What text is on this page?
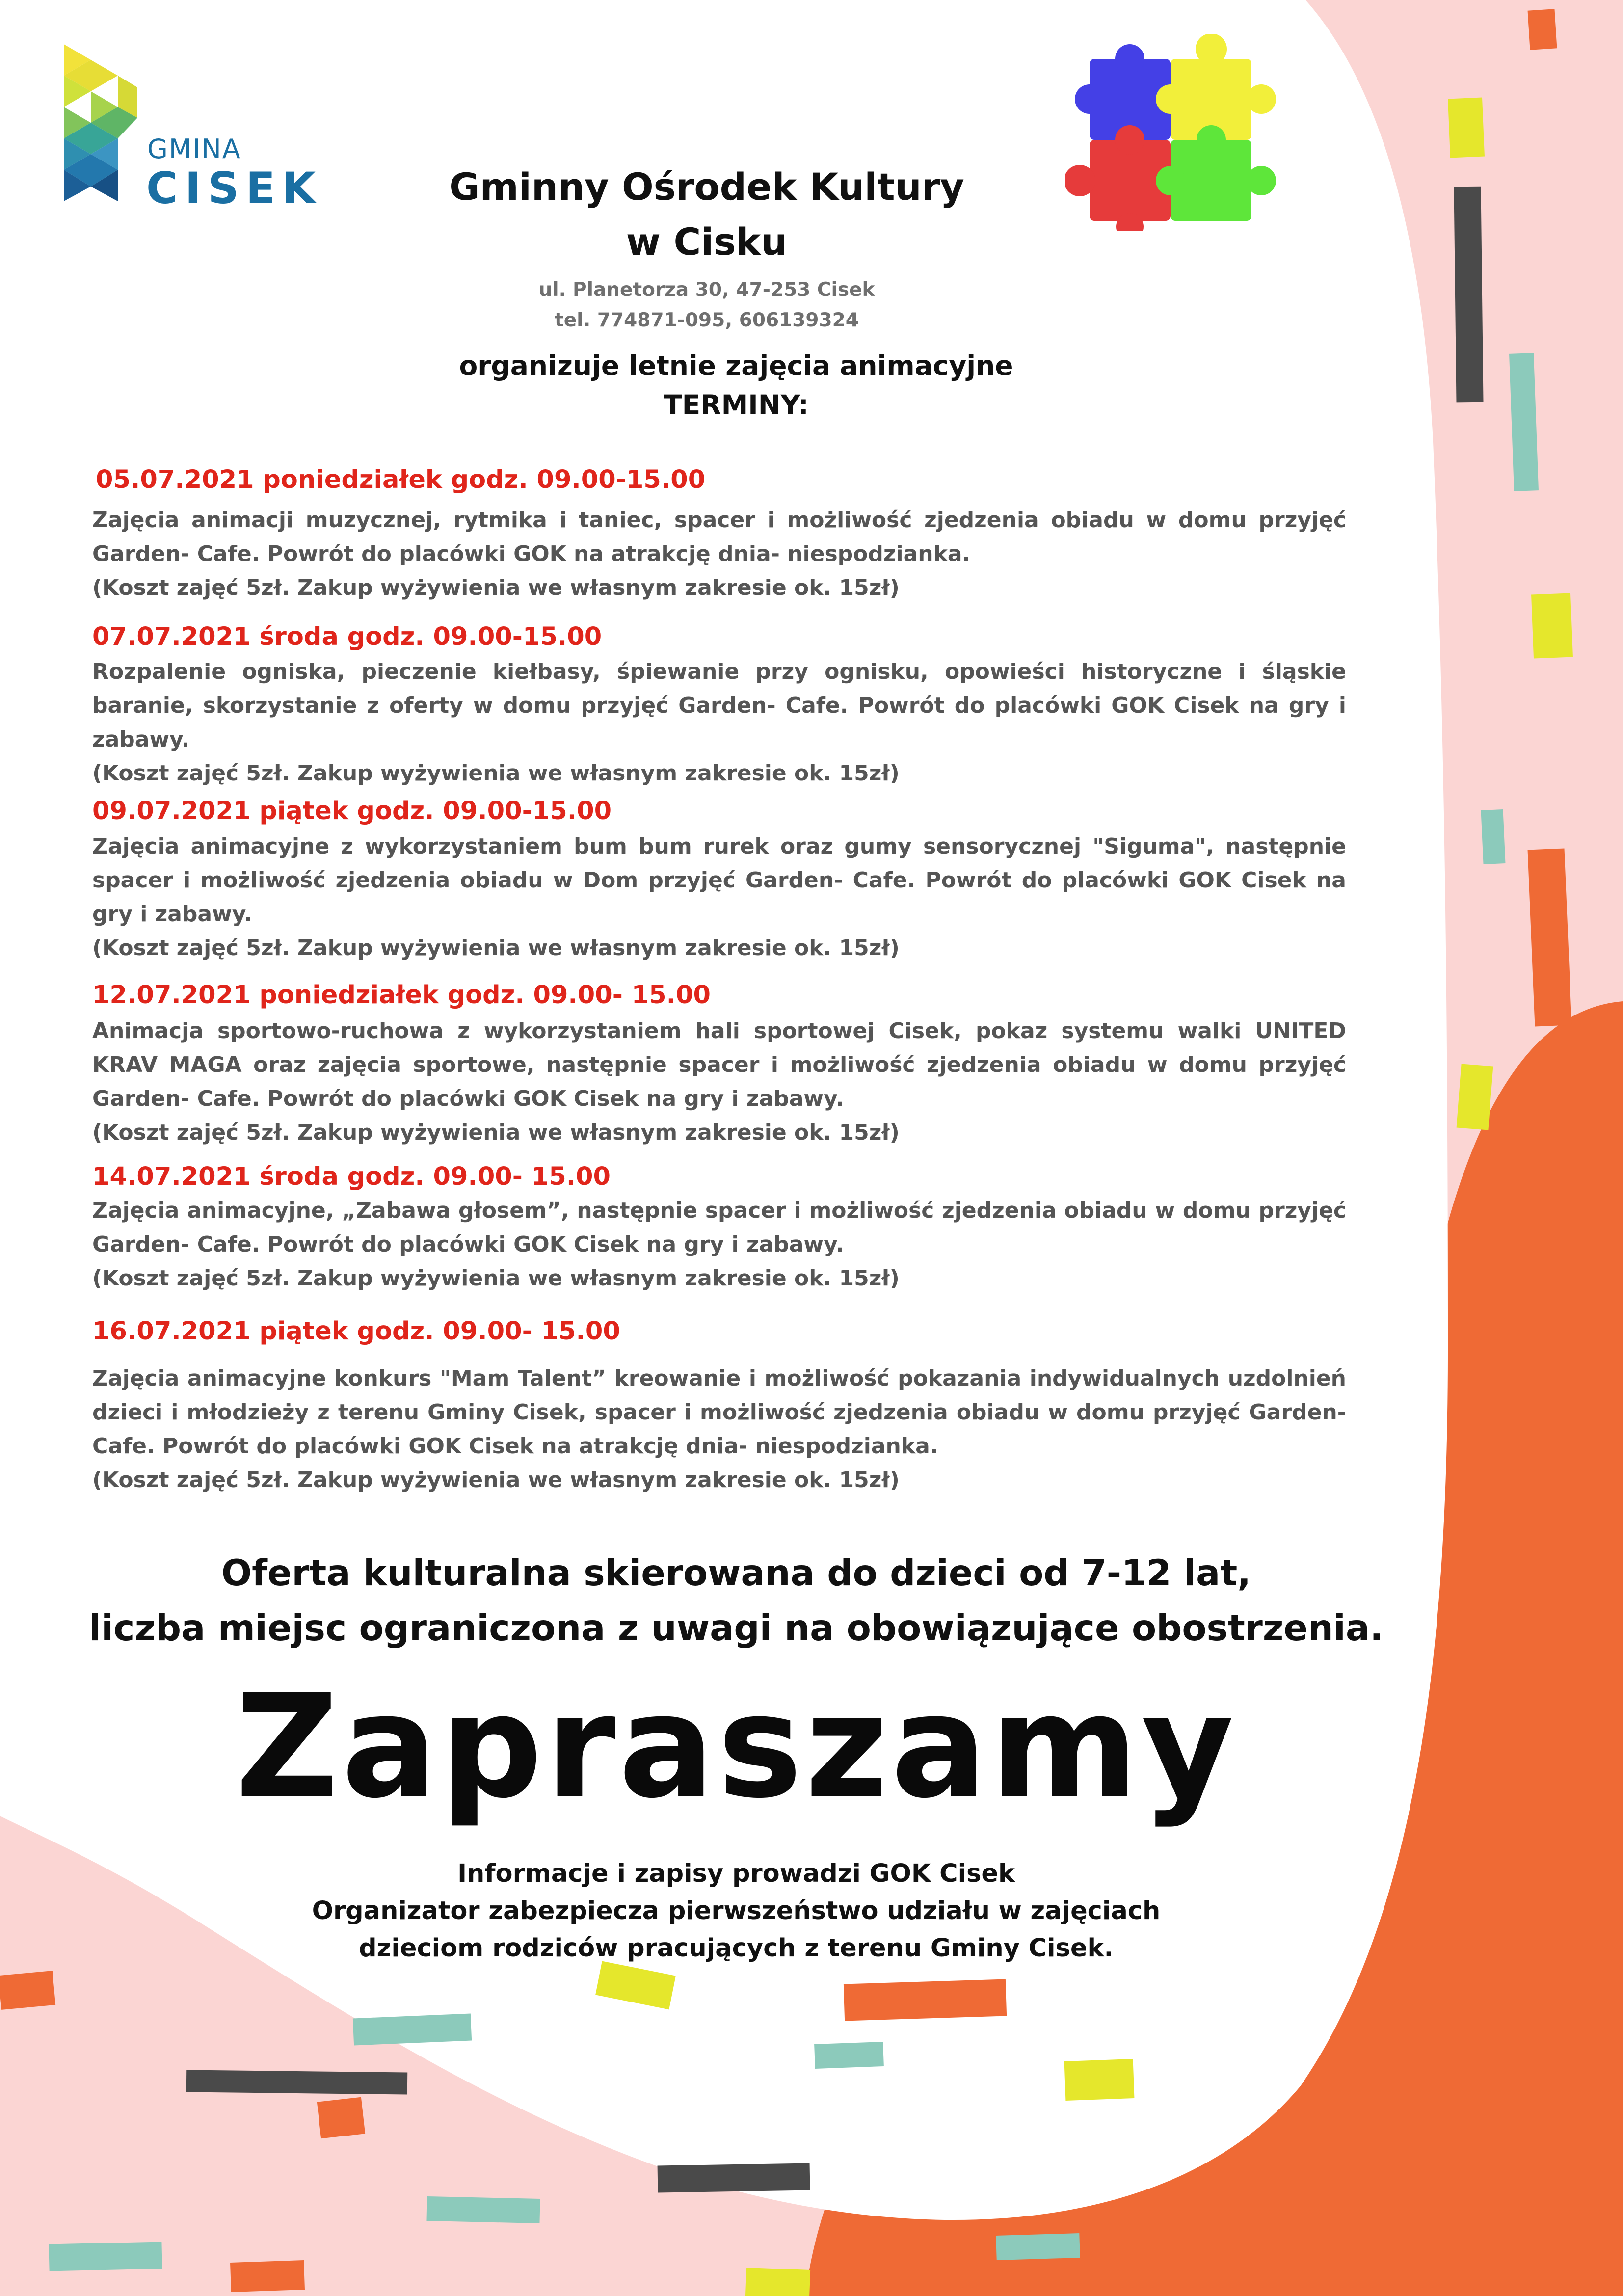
GMINA
CISEK	Gminny Ośrodek Kultury
w Cisku
ul. Planetorza 30, 47-253 Cisek
tel. 774871-095, 606139324
organizuje letnie zajęcia animacyjne
TERMINY:
05.07.2021 poniedziałek godz. 09.00-15.00
Zajęcia animacji muzycznej, rytmika i taniec, spacer i możliwość zjedzenia obiadu w domu przyjęć Garden- Cafe. Powrót do placówki GOK na atrakcję dnia- niespodzianka.
(Koszt zajęć 5zł. Zakup wyżywienia we własnym zakresie ok. 15zł)
07.07.2021 środa godz. 09.00-15.00
Rozpalenie ogniska, pieczenie kiełbasy, śpiewanie przy ognisku, opowieści historyczne i śląskie baranie, skorzystanie z oferty w domu przyjęć Garden- Cafe. Powrót do placówki GOK Cisek na gry i zabawy.
(Koszt zajęć 5zł. Zakup wyżywienia we własnym zakresie ok. 15zł)
09.07.2021 piątek godz. 09.00-15.00
Zajęcia animacyjne z wykorzystaniem bum bum rurek oraz gumy sensorycznej "Siguma", następnie spacer i możliwość zjedzenia obiadu w Dom przyjęć Garden- Cafe. Powrót do placówki GOK Cisek na gry i zabawy.
(Koszt zajęć 5zł. Zakup wyżywienia we własnym zakresie ok. 15zł)
12.07.2021 poniedziałek godz. 09.00- 15.00
Animacja sportowo-ruchowa z wykorzystaniem hali sportowej Cisek, pokaz systemu walki UNITED KRAV MAGA oraz zajęcia sportowe, następnie spacer i możliwość zjedzenia obiadu w domu przyjęć Garden- Cafe. Powrót do placówki GOK Cisek na gry i zabawy.
(Koszt zajęć 5zł. Zakup wyżywienia we własnym zakresie ok. 15zł)
14.07.2021 środa godz. 09.00- 15.00
Zajęcia animacyjne, „Zabawa głosem”, następnie spacer i możliwość zjedzenia obiadu w domu przyjęć Garden- Cafe. Powrót do placówki GOK Cisek na gry i zabawy.
(Koszt zajęć 5zł. Zakup wyżywienia we własnym zakresie ok. 15zł)
16.07.2021 piątek godz. 09.00- 15.00
Zajęcia animacyjne konkurs "Mam Talent” kreowanie i możliwość pokazania indywidualnych uzdolnień dzieci i młodzieży z terenu Gminy Cisek, spacer i możliwość zjedzenia obiadu w domu przyjęć Garden- Cafe. Powrót do placówki GOK Cisek na atrakcję dnia- niespodzianka.
(Koszt zajęć 5zł. Zakup wyżywienia we własnym zakresie ok. 15zł)
Oferta kulturalna skierowana do dzieci od 7-12 lat,
liczba miejsc ograniczona z uwagi na obowiązujące obostrzenia.
Zapraszamy
Informacje i zapisy prowadzi GOK Cisek
Organizator zabezpiecza pierwszeństwo udziału w zajęciach
dzieciom rodziców pracujących z terenu Gminy Cisek.
